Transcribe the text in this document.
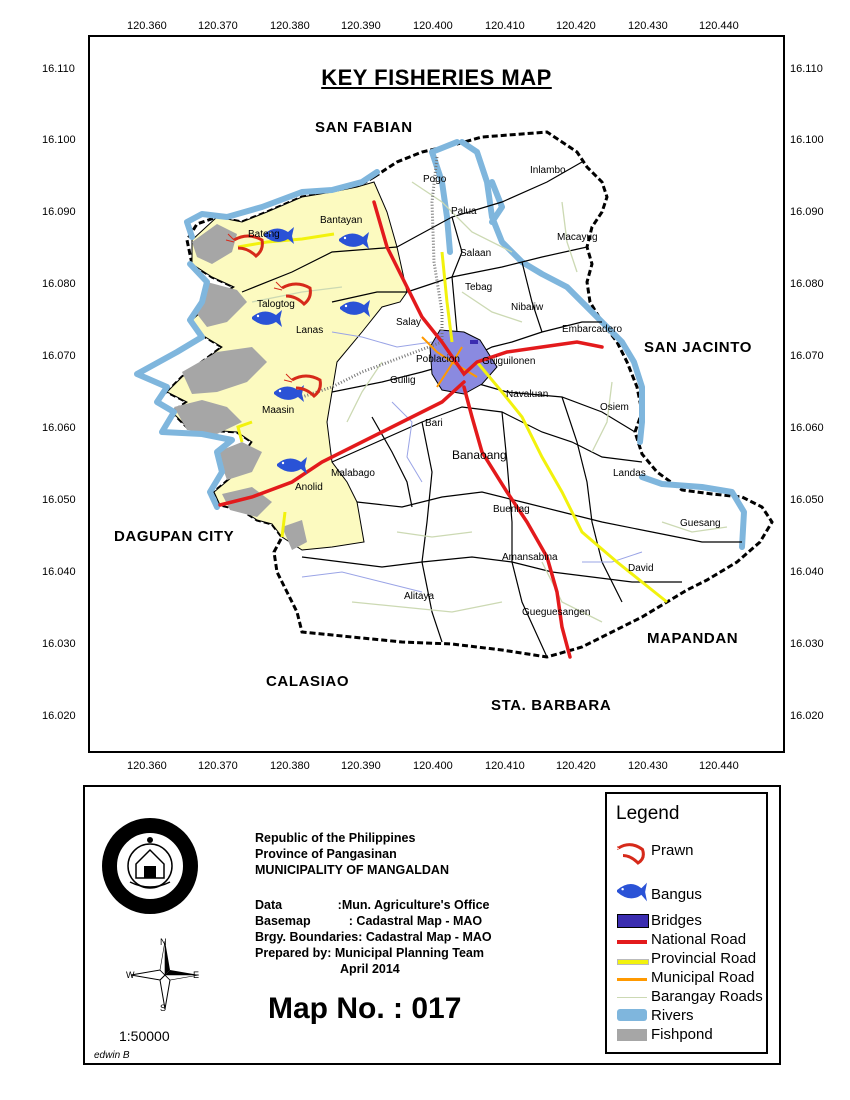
120.360	120.370	120.380	120.390	120.400	120.410	120.420	120.430	120.440
120.360	120.370	120.380	120.390	120.400	120.410	120.420	120.430	120.440
16.110
16.100
16.090
16.080
16.070
16.060
16.050
16.040
16.030
16.020
16.110
16.100
16.090
16.080
16.070
16.060
16.050
16.040
16.030
16.020
KEY FISHERIES MAP
SAN FABIAN
SAN JACINTO
DAGUPAN CITY
MAPANDAN
CALASIAO
STA. BARBARA
Pogo
Inlambo
Palua
Bantayan
Bateng
Salaan
Macayug
Tebag
Talogtog	Nibaliw
Embarcadero
Lanas
Salay
Poblacion Guiguilonen
Guilig
Navaluan
Osiem
Maasin
Bari
Banaoang
Landas
Malabago
Anolid
Buenlag
Guesang
Amansabina
David
Alitaya
Gueguesangen
Republic of the Philippines
Province of Pangasinan
MUNICIPALITY OF MANGALDAN
Data                :Mun. Agriculture's Office
Basemap           : Cadastral Map - MAO
Brgy. Boundaries: Cadastral Map - MAO
Prepared by: Municipal Planning Team
April 2014
Map No. : 017
N
S
E
W
1:50000
edwin B
Legend
Prawn
Bangus
Bridges
National Road
Provincial Road
Municipal Road
Barangay Roads
Rivers
Fishpond
